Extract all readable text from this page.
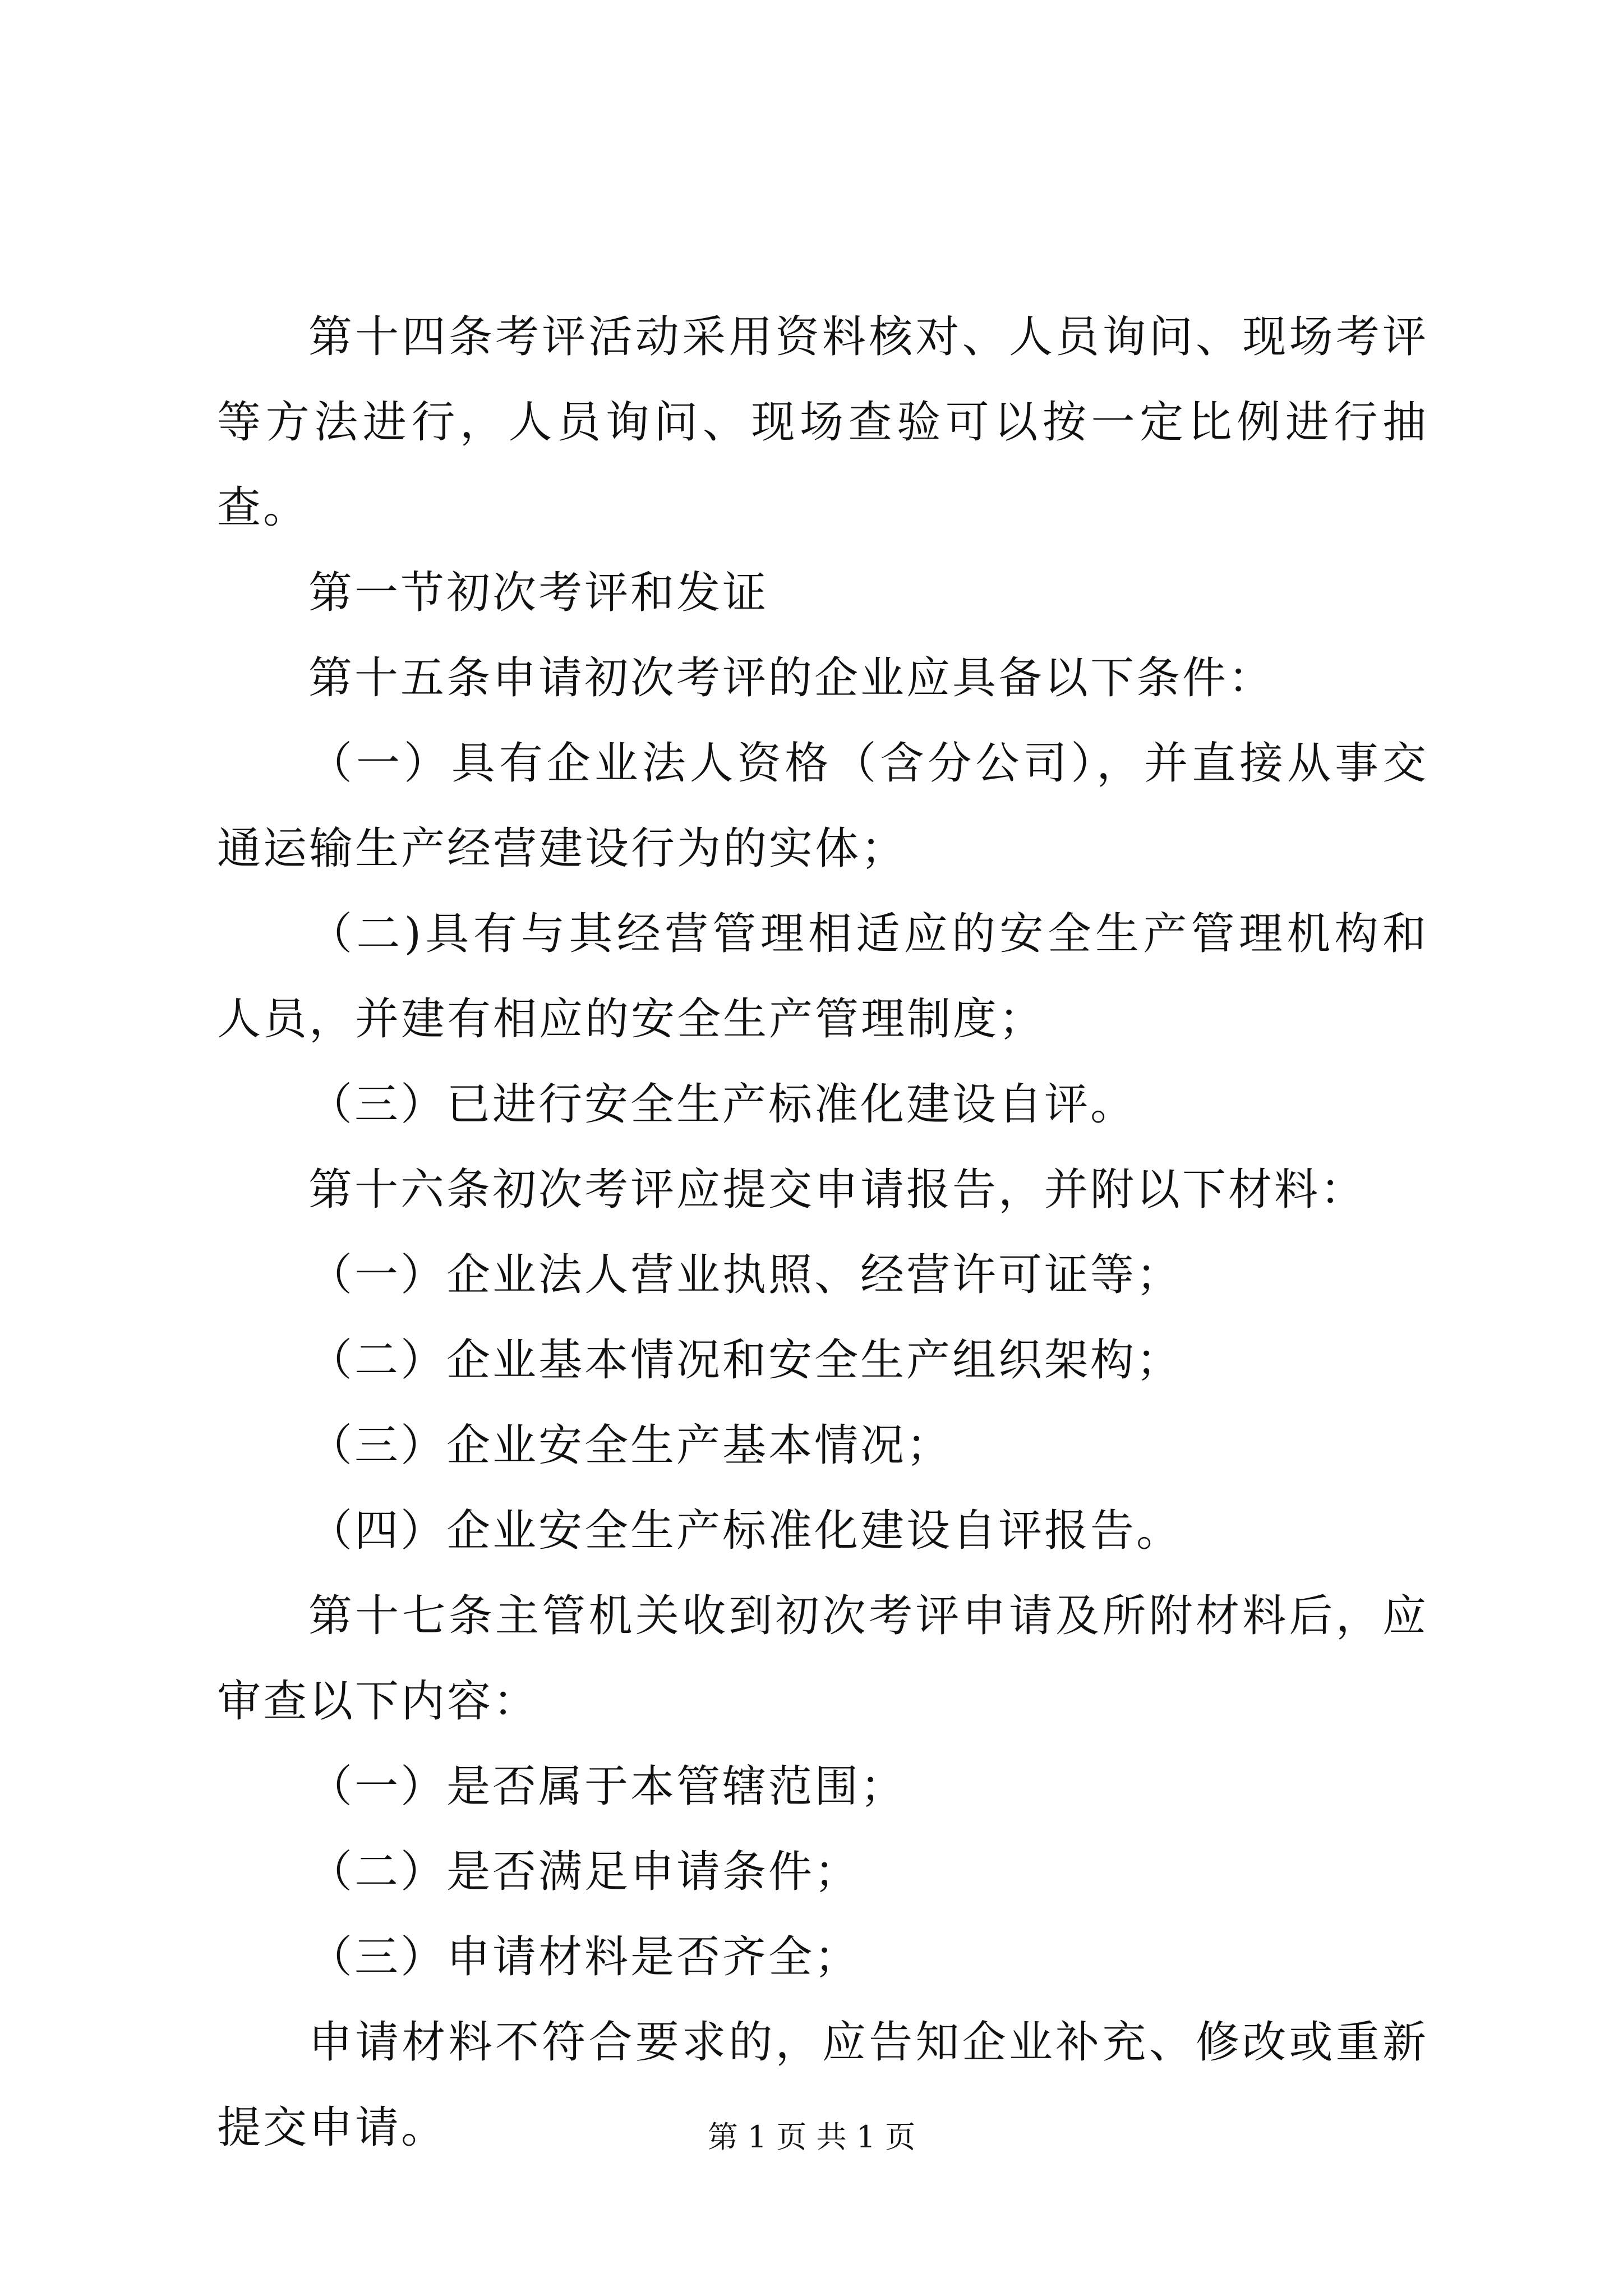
第十四条考评活动采用资料核对、人员询问、现场考评等方法进行，人员询问、现场查验可以按一定比例进行抽查。

第一节初次考评和发证

第十五条申请初次考评的企业应具备以下条件：

（一）具有企业法人资格（含分公司），并直接从事交通运输生产经营建设行为的实体；

（二)具有与其经营管理相适应的安全生产管理机构和人员，并建有相应的安全生产管理制度；

（三）已进行安全生产标准化建设自评。

第十六条初次考评应提交申请报告，并附以下材料：

（一）企业法人营业执照、经营许可证等；

（二）企业基本情况和安全生产组织架构；

（三）企业安全生产基本情况；

（四）企业安全生产标准化建设自评报告。

第十七条主管机关收到初次考评申请及所附材料后，应审查以下内容：

（一）是否属于本管辖范围；

（二）是否满足申请条件；

（三）申请材料是否齐全；

申请材料不符合要求的，应告知企业补充、修改或重新提交申请。	第 1 页 共 1 页
